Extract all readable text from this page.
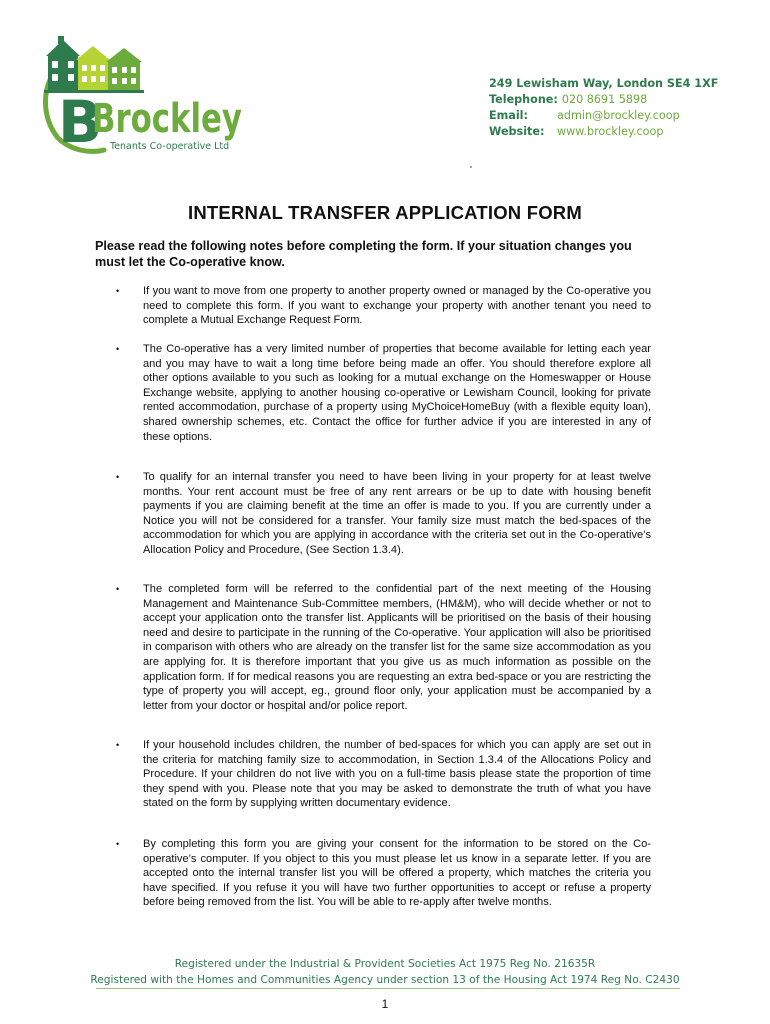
B
Brockley
Tenants Co-operative Ltd
249 Lewisham Way, London SE4 1XF
Telephone: 020 8691 5898
Email:	admin@brockley.coop
Website:	www.brockley.coop
INTERNAL TRANSFER APPLICATION FORM

Please read the following notes before completing the form. If your situation changes you must let the Co-operative know.

• If you want to move from one property to another property owned or managed by the Co-operative you need to complete this form. If you want to exchange your property with another tenant you need to complete a Mutual Exchange Request Form.

• The Co-operative has a very limited number of properties that become available for letting each year and you may have to wait a long time before being made an offer. You should therefore explore all other options available to you such as looking for a mutual exchange on the Homeswapper or House Exchange website, applying to another housing co-operative or Lewisham Council, looking for private rented accommodation, purchase of a property using MyChoiceHomeBuy (with a flexible equity loan), shared ownership schemes, etc. Contact the office for further advice if you are interested in any of these options.

• To qualify for an internal transfer you need to have been living in your property for at least twelve months. Your rent account must be free of any rent arrears or be up to date with housing benefit payments if you are claiming benefit at the time an offer is made to you. If you are currently under a Notice you will not be considered for a transfer. Your family size must match the bed-spaces of the accommodation for which you are applying in accordance with the criteria set out in the Co-operative’s Allocation Policy and Procedure, (See Section 1.3.4).

• The completed form will be referred to the confidential part of the next meeting of the Housing Management and Maintenance Sub-Committee members, (HM&M), who will decide whether or not to accept your application onto the transfer list. Applicants will be prioritised on the basis of their housing need and desire to participate in the running of the Co-operative. Your application will also be prioritised in comparison with others who are already on the transfer list for the same size accommodation as you are applying for. It is therefore important that you give us as much information as possible on the application form. If for medical reasons you are requesting an extra bed-space or you are restricting the type of property you will accept, eg., ground floor only, your application must be accompanied by a letter from your doctor or hospital and/or police report.

• If your household includes children, the number of bed-spaces for which you can apply are set out in the criteria for matching family size to accommodation, in Section 1.3.4 of the Allocations Policy and Procedure. If your children do not live with you on a full-time basis please state the proportion of time they spend with you. Please note that you may be asked to demonstrate the truth of what you have stated on the form by supplying written documentary evidence.

• By completing this form you are giving your consent for the information to be stored on the Co-operative’s computer. If you object to this you must please let us know in a separate letter. If you are accepted onto the internal transfer list you will be offered a property, which matches the criteria you have specified. If you refuse it you will have two further opportunities to accept or refuse a property before being removed from the list. You will be able to re-apply after twelve months.

Registered under the Industrial & Provident Societies Act 1975 Reg No. 21635R
Registered with the Homes and Communities Agency under section 13 of the Housing Act 1974 Reg No. C2430
1
